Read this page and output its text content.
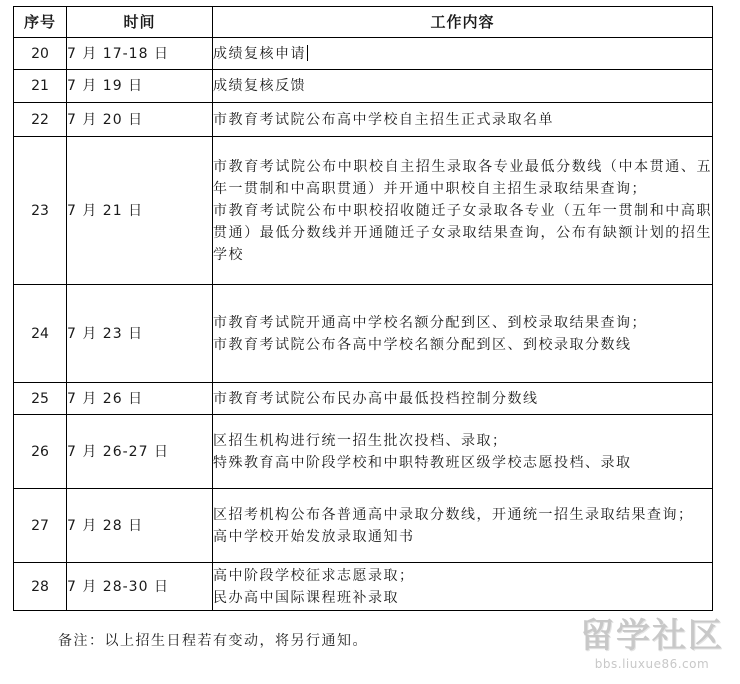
序号	时间	工作内容
20	7 月 17-18 日	成绩复核申请
21	7 月 19 日	成绩复核反馈
22	7 月 20 日	市教育考试院公布高中学校自主招生正式录取名单
23	7 月 21 日	市教育考试院公布中职校自主招生录取各专业最低分数线（中本贯通、五年一贯制和中高职贯通）并开通中职校自主招生录取结果查询；
市教育考试院公布中职校招收随迁子女录取各专业（五年一贯制和中高职贯通）最低分数线并开通随迁子女录取结果查询，公布有缺额计划的招生学校

24	7 月 23 日	市教育考试院开通高中学校名额分配到区、到校录取结果查询；
市教育考试院公布各高中学校名额分配到区、到校录取分数线

25	7 月 26 日	市教育考试院公布民办高中最低投档控制分数线
26	7 月 26-27 日	区招生机构进行统一招生批次投档、录取；
特殊教育高中阶段学校和中职特教班区级学校志愿投档、录取

27	7 月 28 日	区招考机构公布各普通高中录取分数线，开通统一招生录取结果查询；
高中学校开始发放录取通知书

28	7 月 28-30 日	高中阶段学校征求志愿录取；
民办高中国际课程班补录取
备注：以上招生日程若有变动，将另行通知。	留学社区
bbs.liuxue86.com
